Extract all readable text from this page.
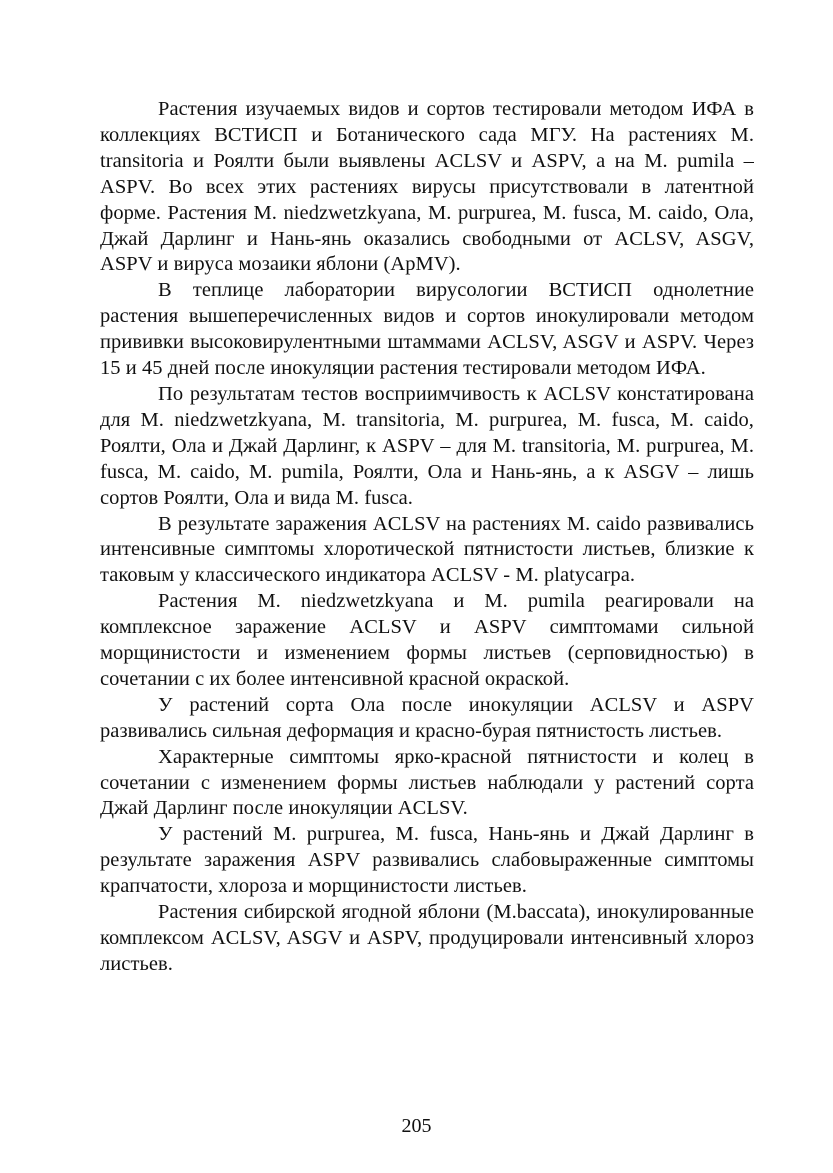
Растения изучаемых видов и сортов тестировали методом ИФА в коллекциях ВСТИСП и Ботанического сада МГУ. На растениях M. transitoria и Роялти были выявлены ACLSV и ASPV, а на M. pumila – ASPV. Во всех этих растениях вирусы присутствовали в латентной форме. Растения M. niedzwetzkyana, M. purpurea, M. fusca, M. caido, Ола, Джай Дарлинг и Нань-янь оказались свободными от ACLSV, ASGV, ASPV и вируса мозаики яблони (ApMV).

В теплице лаборатории вирусологии ВСТИСП однолетние растения вышеперечисленных видов и сортов инокулировали методом прививки высоковирулентными штаммами ACLSV, ASGV и ASPV. Через 15 и 45 дней после инокуляции растения тестировали методом ИФА.

По результатам тестов восприимчивость к ACLSV констатирована для M. niedzwetzkyana, M. transitoria, M. purpurea, M. fusca, M. caido, Роялти, Ола и Джай Дарлинг, к ASPV – для M. transitoria, M. purpurea, M. fusca, M. caido, M. pumila, Роялти, Ола и Нань-янь, а к ASGV – лишь сортов Роялти, Ола и вида M. fusca.

В результате заражения ACLSV на растениях M. caido развивались интенсивные симптомы хлоротической пятнистости листьев, близкие к таковым у классического индикатора ACLSV - M. platycarpa.

Растения M. niedzwetzkyana и M. pumila реагировали на комплексное заражение ACLSV и ASPV симптомами сильной морщинистости и изменением формы листьев (серповидностью) в сочетании с их более интенсивной красной окраской.

У растений сорта Ола после инокуляции ACLSV и ASPV развивались сильная деформация и красно-бурая пятнистость листьев.

Характерные симптомы ярко-красной пятнистости и колец в сочетании с изменением формы листьев наблюдали у растений сорта Джай Дарлинг после инокуляции ACLSV.

У растений M. purpurea, M. fusca, Нань-янь и Джай Дарлинг в результате заражения ASPV развивались слабовыраженные симптомы крапчатости, хлороза и морщинистости листьев.

Растения сибирской ягодной яблони (M.baccata), инокулированные комплексом ACLSV, ASGV и ASPV, продуцировали интенсивный хлороз листьев.

205
